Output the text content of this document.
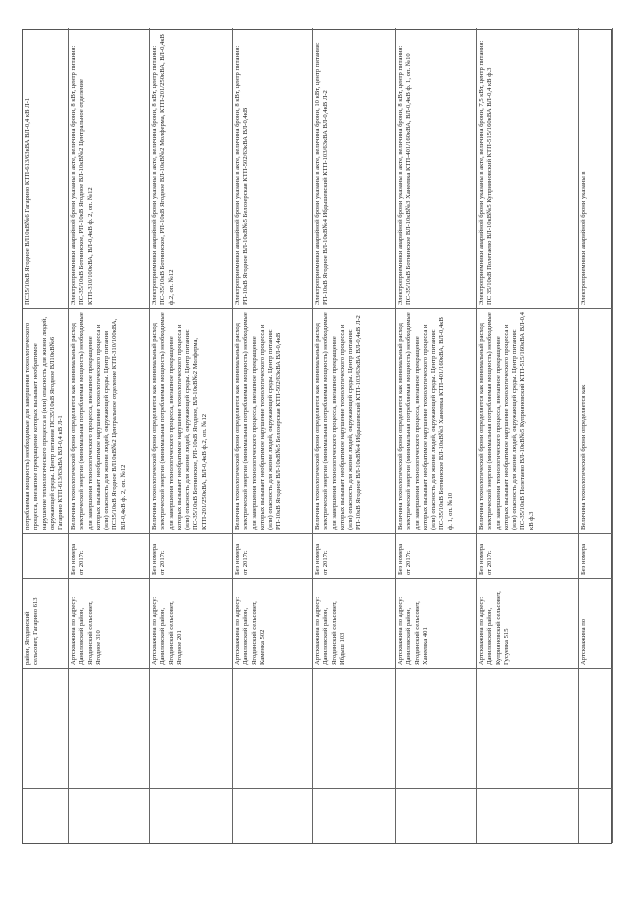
район, Ягодинский сельсовет, Гагарино 613
потребляемая мощность) необходимые для завершения технологического процесса, внезапное прекращение которых вызывает необратимое нарушение технологического процесса и (или) опасность для жизни людей, окружающей среды. Центр питания ПС35/10кВ Ягодное ВЛ10кВ№6 Гагарино КТП-613/63кВА ВЛ-0,4 кВ Л-1
ПС35/10кВ Ягодное ВЛ10кВ№6 Гагарино КТП-613/63кВА ВЛ-0,4 кВ Л-1
Артскважина по адресу: Даниловский район, Ягодинский сельсовет, Ягодное 310
Без номера от 2017г.
Величина технологической брони определяется как минимальный расход электрической энергии (минимальная потребляемая мощность) необходимые для завершения технологического процесса, внезапное прекращение которых вызывает необратимое нарушение технологического процесса и (или) опасность для жизни людей, окружающей среды. Центр питания ПС35/10кВ Ягодное ВЛ10кВ№2 Центральное отделение КТП-310/100кВА, ВЛ-0,4кВ ф. 2, оп. №12
Электроприемники аварийной брони указаны в акте, величина брони, 8 кВт, центр питания: ПС-35/10кВ Ботнинское, РП-10кВ Ягодное ВЛ-10кВ№2 Центральное отделение КТП-310/100кВА, ВЛ-0,4кВ ф. 2, оп. №12
Артскважина по адресу: Даниловский район, Ягодинский сельсовет, Ягодное 201
Без номера от 2017г.
Величина технологической брони определяется как минимальный расход электрической энергии (минимальная потребляемая мощность) необходимые для завершения технологического процесса, внезапное прекращение которых вызывает необратимое нарушение технологического процесса и (или) опасность для жизни людей, окружающей среды. Центр питания: ПС-35/10кВ Ботнинское, РП-10кВ Ягодное, ВЛ-10кВ№2 Молферма, КТП-201/250кВА, ВЛ-0,4кВ ф.2, оп. №12
Электроприемники аварийной брони указаны в акте, величина брони, 8 кВт, центр питания: ПС-35/10кВ Ботнинское, РП-10кВ Ягодное ВЛ-10кВ№2 Молферма, КТП-201/250кВА, ВЛ-0,4кВ ф.2, оп. №12
Артскважина по адресу: Даниловский район, Ягодинский сельсовет, Каменка 502
Без номера от 2017г.
Величина технологической брони определяется как минимальный расход электрической энергии (минимальная потребляемая мощность) необходимые для завершения технологического процесса, внезапное прекращение которых вызывает необратимое нарушение технологического процесса и (или) опасность для жизни людей, окружающей среды. Центр питания: РП-10кВ Ягодное ВЛ-10кВ№5 Белозерская КТП-502/63кВА ВЛ-0,4кВ
Электроприемники аварийной брони указаны в акте, величина брони, 8 кВт, центр питания: РП-10кВ Ягодное ВЛ-10кВ№5 Белозерская КТП-502/63кВА ВЛ-0,4кВ
Артскважина по адресу: Даниловский район, Ягодинский сельсовет, Ибдыш 103
Без номера от 2017г.
Величина технологической брони определяется как минимальный расход электрической энергии (минимальная потребляемая мощность) необходимые для завершения технологического процесса, внезапное прекращение которых вызывает необратимое нарушение технологического процесса и (или) опасность для жизни людей, окружающей среды. Центр питания: РП-10кВ Ягодное ВЛ-10кВ№4 Ибдышевский КТП-103/63кВА ВЛ-0,4кВ Л-2
Электроприемники аварийной брони указаны в акте, величина брони, 10 кВт, центр питания: РП-10кВ Ягодное ВЛ-10кВ№4 Ибдышевский КТП-103/63кВА ВЛ-0,4кВ Л-2
Артскважина по адресу: Даниловский район, Ягодинский сельсовет, Ханеевка 401
Без номера от 2017г.
Величина технологической брони определяется как минимальный расход электрической энергии (минимальная потребляемая мощность) необходимые для завершения технологического процесса, внезапное прекращение которых вызывает необратимое нарушение технологического процесса и (или) опасность для жизни людей, окружающей среды. Центр питания: ПС-35/10кВ Ботнинское ВЛ-10кВ№3 Ханеевка КТП-401/160кВА, ВЛ-0,4кВ ф. 1, оп. №10
Электроприемники аварийной брони указаны в акте, величина брони, 8 кВт, центр питания: ПС-35/10кВ Ботнинское ВЛ-10кВ№3 Ханеевка КТП-401/160кВА, ВЛ-0,4кВ ф. 1, оп. №10
Артскважина по адресу: Даниловский район, Куприяновский сельсовет, Гусуевка 515
Без номера от 2017г.
Величина технологической брони определяется как минимальный расход электрической энергии (минимальная потребляемая мощность) необходимые для завершения технологического процесса, внезапное прекращение которых вызывает необратимое нарушение технологического процесса и (или) опасность для жизни людей, окружающей среды. Центр питания: ПС-35/10кВ Полетаево ВЛ-10кВ№5 Куприяновский КТП-515/160кВА ВЛ-0,4 кВ ф.3
Электроприемники аварийной брони указаны в акте, величина брони, 7,5 кВт, центр питания: ПС 35/10кВ Полетаево ВЛ-10кВ№5 Куприяновский КТП-515/160кВА ВЛ-0,4 кВ ф.3
Артскважина по
Без номера
Величина технологической брони определяется как
Электроприемники аварийной брони указаны в
